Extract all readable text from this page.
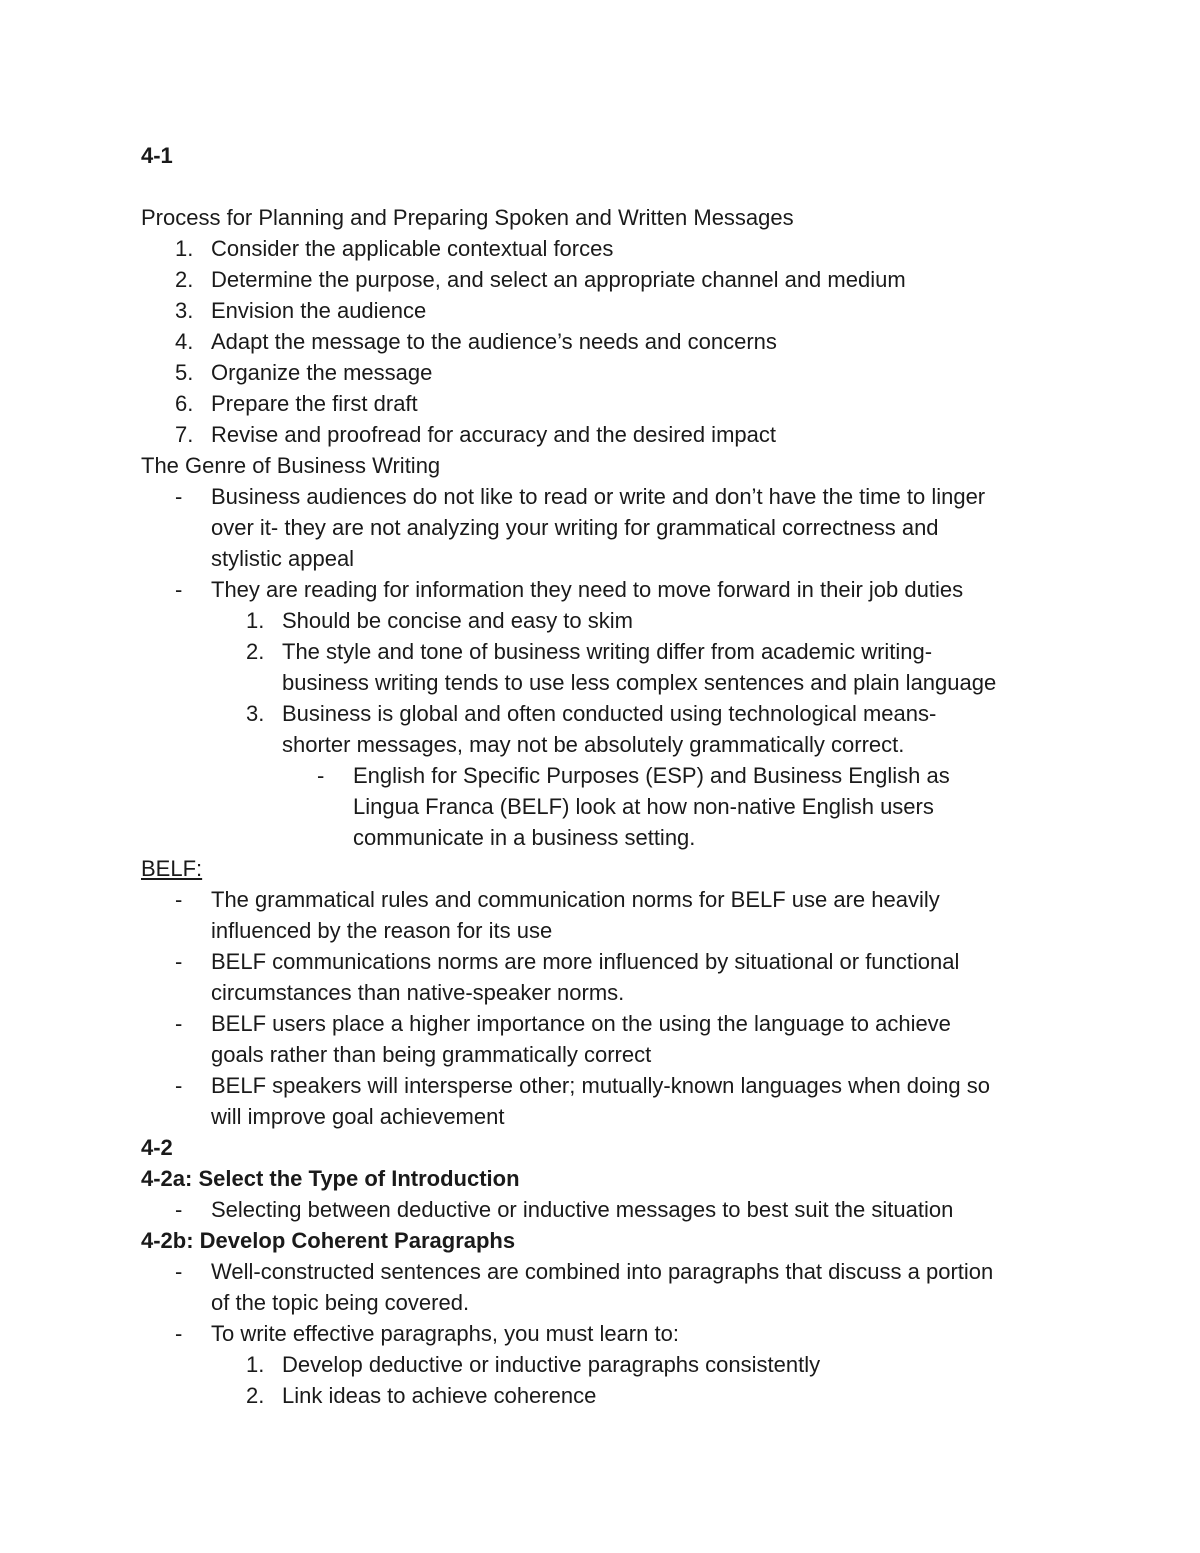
4-1
Process for Planning and Preparing Spoken and Written Messages
1. Consider the applicable contextual forces
2. Determine the purpose, and select an appropriate channel and medium
3. Envision the audience
4. Adapt the message to the audience’s needs and concerns
5. Organize the message
6. Prepare the first draft
7. Revise and proofread for accuracy and the desired impact
The Genre of Business Writing
- Business audiences do not like to read or write and don’t have the time to linger
over it- they are not analyzing your writing for grammatical correctness and
stylistic appeal
- They are reading for information they need to move forward in their job duties
1. Should be concise and easy to skim
2. The style and tone of business writing differ from academic writing-
business writing tends to use less complex sentences and plain language
3. Business is global and often conducted using technological means-
shorter messages, may not be absolutely grammatically correct.
- English for Specific Purposes (ESP) and Business English as
Lingua Franca (BELF) look at how non-native English users
communicate in a business setting.
BELF:
- The grammatical rules and communication norms for BELF use are heavily
influenced by the reason for its use
- BELF communications norms are more influenced by situational or functional
circumstances than native-speaker norms.
- BELF users place a higher importance on the using the language to achieve
goals rather than being grammatically correct
- BELF speakers will intersperse other; mutually-known languages when doing so
will improve goal achievement
4-2
4-2a: Select the Type of Introduction
- Selecting between deductive or inductive messages to best suit the situation
4-2b: Develop Coherent Paragraphs
- Well-constructed sentences are combined into paragraphs that discuss a portion
of the topic being covered.
- To write effective paragraphs, you must learn to:
1. Develop deductive or inductive paragraphs consistently
2. Link ideas to achieve coherence
